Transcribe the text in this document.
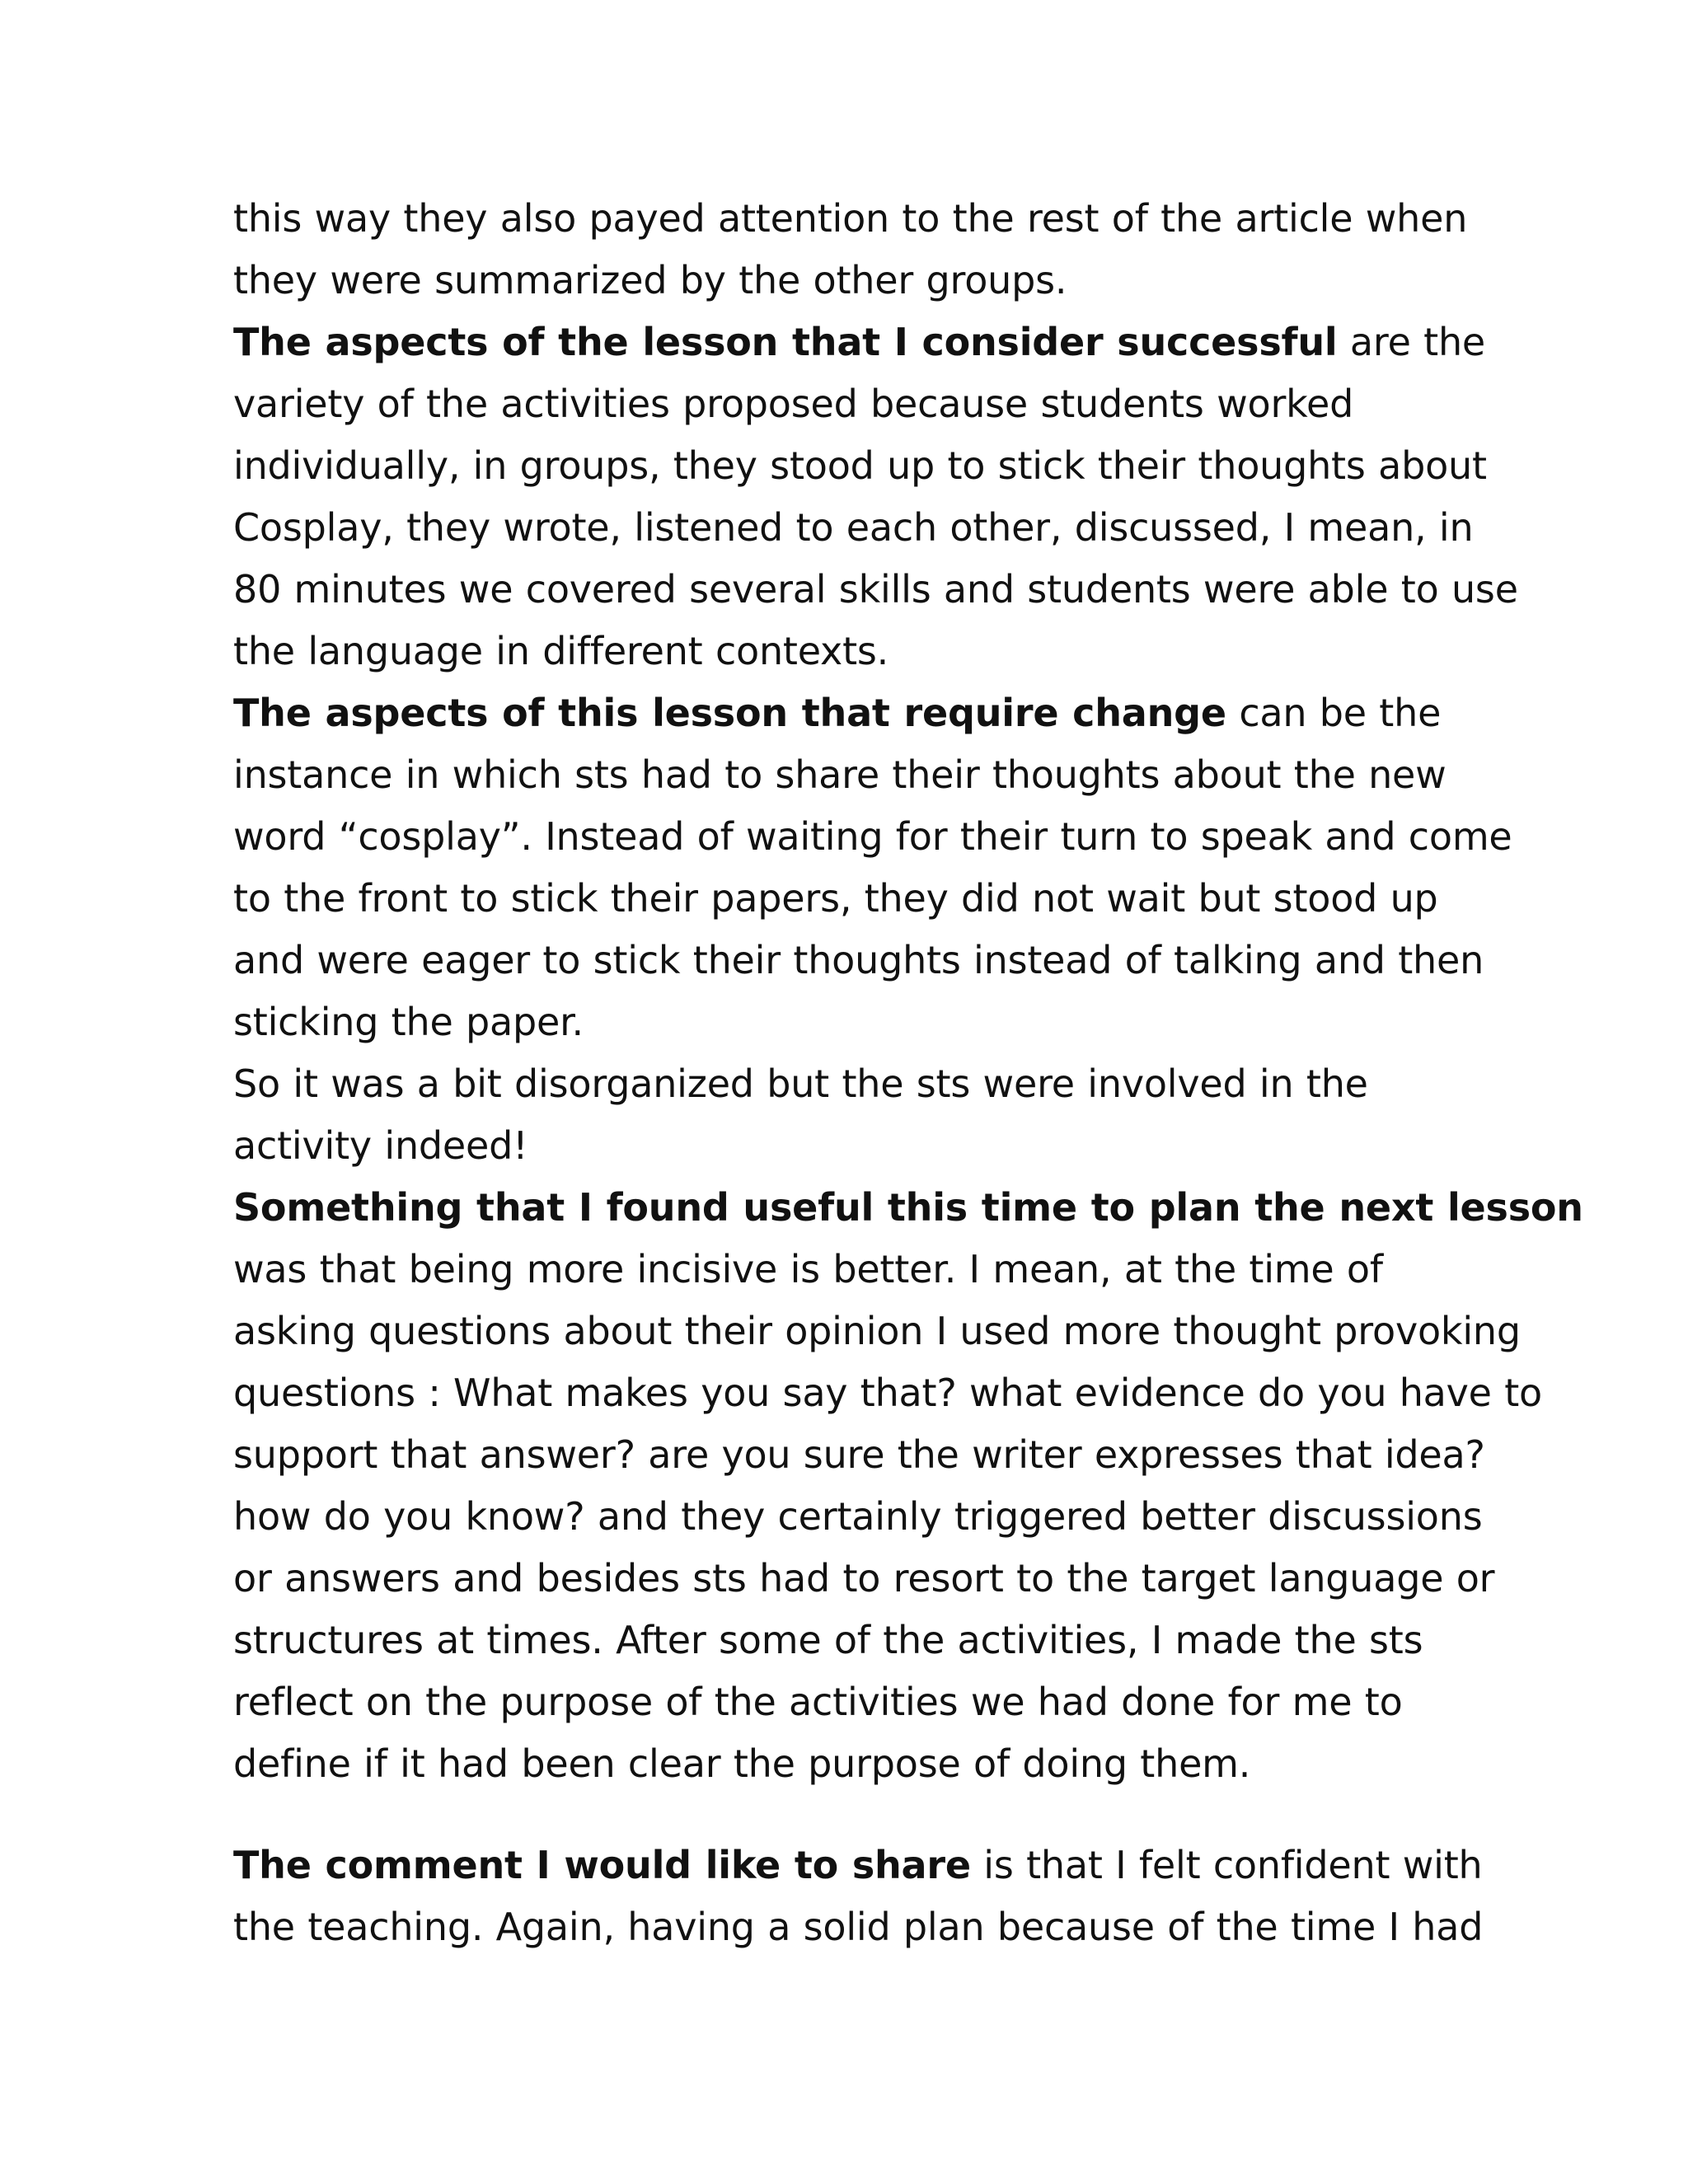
this way they also payed attention to the rest of the article when
they were summarized by the other groups.
The aspects of the lesson that I consider successful are the
variety of the activities proposed because students worked
individually, in groups, they stood up to stick their thoughts about
Cosplay, they wrote, listened to each other, discussed, I mean, in
80 minutes we covered several skills and students were able to use
the language in different contexts.
The aspects of this lesson that require change can be the
instance in which sts had to share their thoughts about the new
word “cosplay”. Instead of waiting for their turn to speak and come
to the front to stick their papers, they did not wait but stood up
and were eager to stick their thoughts instead of talking and then
sticking the paper.
So it was a bit disorganized but the sts were involved in the
activity indeed!
Something that I found useful this time to plan the next lesson
was that being more incisive is better. I mean, at the time of
asking questions about their opinion I used more thought provoking
questions : What makes you say that? what evidence do you have to
support that answer? are you sure the writer expresses that idea?
how do you know? and they certainly triggered better discussions
or answers and besides sts had to resort to the target language or
structures at times. After some of the activities, I made the sts
reflect on the purpose of the activities we had done for me to
define if it had been clear the purpose of doing them.
The comment I would like to share is that I felt confident with
the teaching. Again, having a solid plan because of the time I had
